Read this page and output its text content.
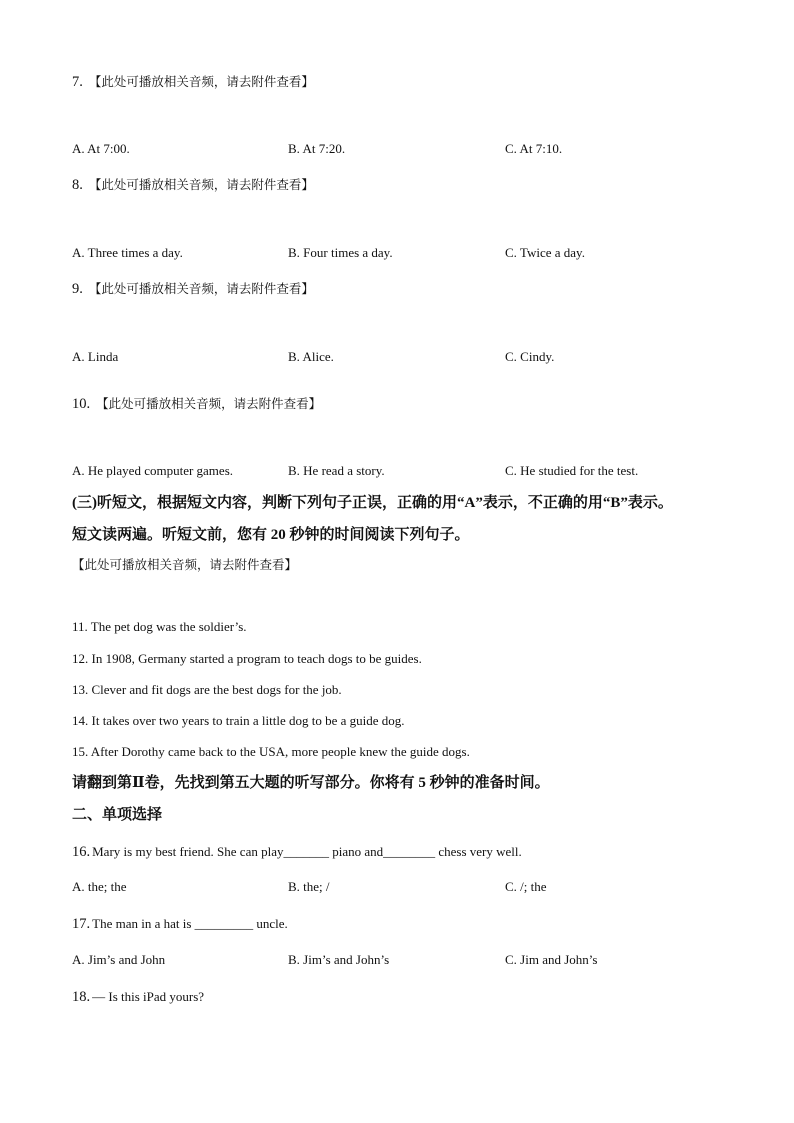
7. 【此处可播放相关音频，请去附件查看】
A. At 7:00.	B. At 7:20.	C. At 7:10.
8. 【此处可播放相关音频，请去附件查看】
A. Three times a day.	B. Four times a day.	C. Twice a day.
9. 【此处可播放相关音频，请去附件查看】
A. Linda	B. Alice.	C. Cindy.
10. 【此处可播放相关音频，请去附件查看】
A. He played computer games.	B. He read a story.	C. He studied for the test.
(三)听短文，根据短文内容，判断下列句子正误，正确的用“A”表示，不正确的用“B”表示。
短文读两遍。听短文前，您有 20 秒钟的时间阅读下列句子。
【此处可播放相关音频，请去附件查看】
11. The pet dog was the soldier’s.
12. In 1908, Germany started a program to teach dogs to be guides.
13. Clever and fit dogs are the best dogs for the job.
14. It takes over two years to train a little dog to be a guide dog.
15. After Dorothy came back to the USA, more people knew the guide dogs.
请翻到第Ⅱ卷，先找到第五大题的听写部分。你将有 5 秒钟的准备时间。
二、单项选择
16. Mary is my best friend. She can play_______ piano and________ chess very well.
A. the; the	B. the; /	C. /; the
17. The man in a hat is _________ uncle.
A. Jim’s and John	B. Jim’s and John’s	C. Jim and John’s
18. — Is this iPad yours?
